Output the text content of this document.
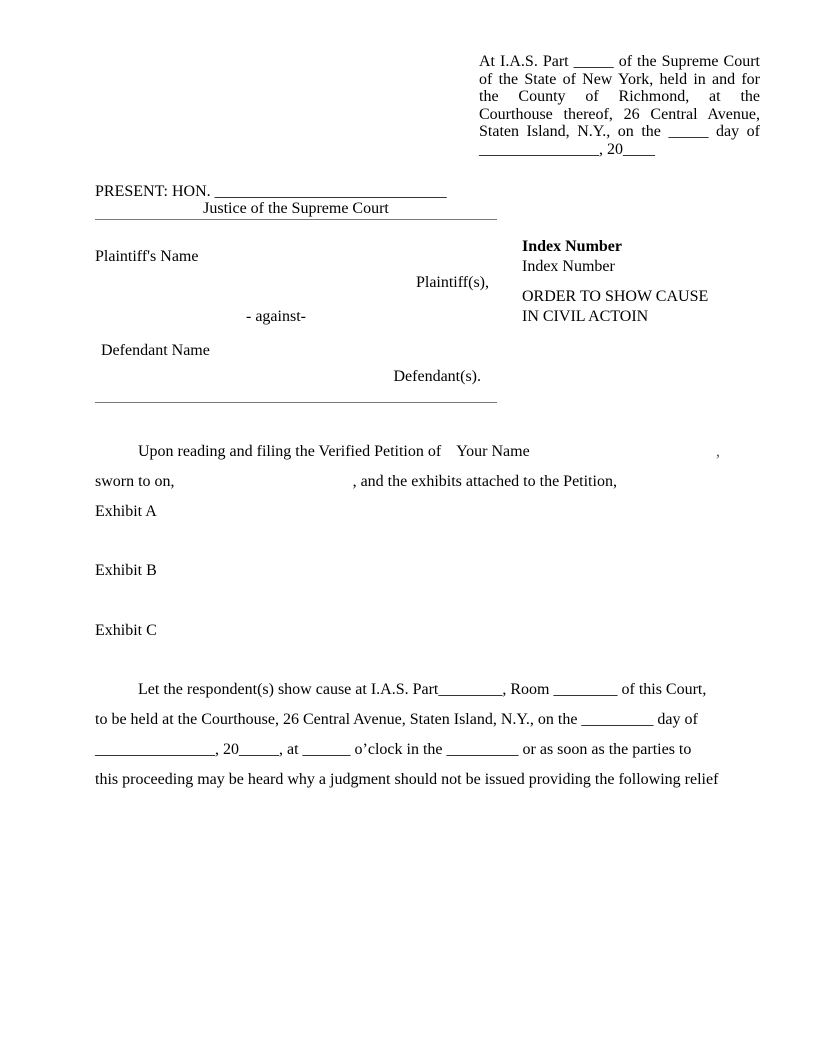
At I.A.S. Part _____ of the Supreme Court
of the State of New York, held in and for
the County of Richmond, at the
Courthouse thereof, 26 Central Avenue,
Staten Island, N.Y., on the _____ day of
_______________, 20____
PRESENT: HON. _____________________________
Justice of the Supreme Court
Plaintiff's Name
Plaintiff(s),
- against-
Defendant Name
Defendant(s).
Index Number
Index Number
ORDER TO SHOW CAUSE
IN CIVIL ACTOIN
Upon reading and filing the Verified Petition of Your Name	,
sworn to on,	, and the exhibits attached to the Petition,
Exhibit A
Exhibit B
Exhibit C
Let the respondent(s) show cause at I.A.S. Part________, Room ________ of this Court,
to be held at the Courthouse, 26 Central Avenue, Staten Island, N.Y., on the _________ day of
_______________, 20_____, at ______ o’clock in the _________ or as soon as the parties to
this proceeding may be heard why a judgment should not be issued providing the following relief
